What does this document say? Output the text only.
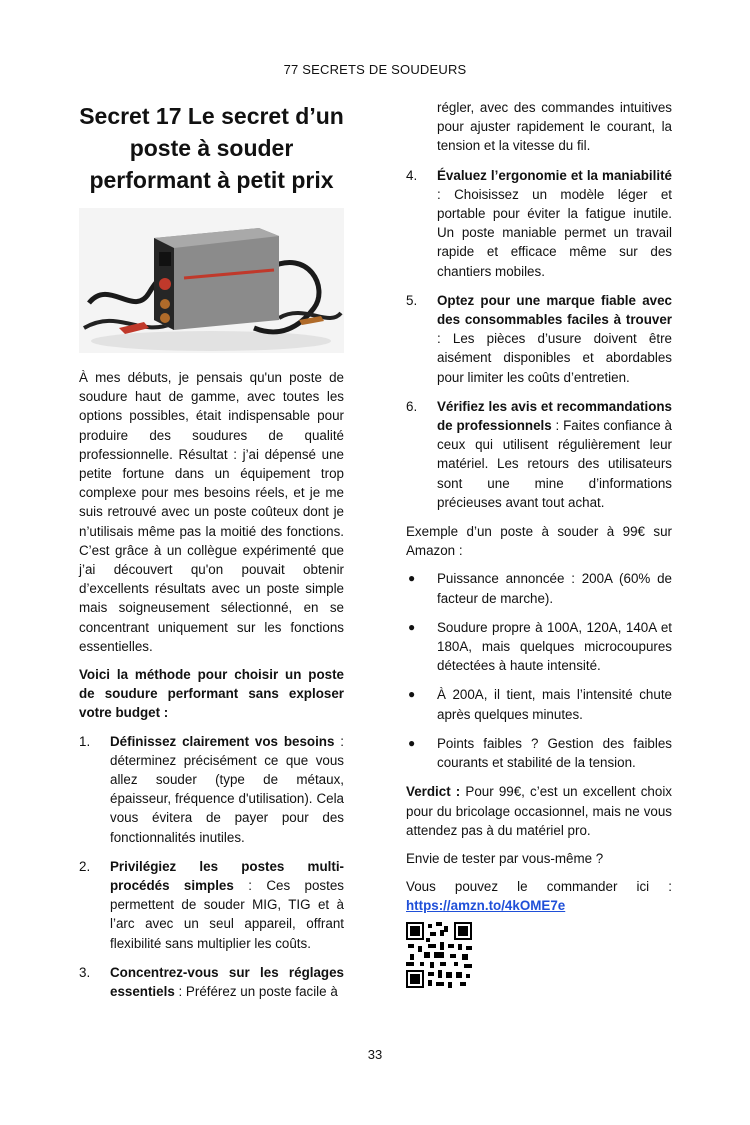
77 SECRETS DE SOUDEURS
Secret 17 Le secret d’un poste à souder performant à petit prix

À mes débuts, je pensais qu'un poste de soudure haut de gamme, avec toutes les options possibles, était indispensable pour produire des soudures de qualité professionnelle. Résultat : j’ai dépensé une petite fortune dans un équipement trop complexe pour mes besoins réels, et je me suis retrouvé avec un poste coûteux dont je n’utilisais même pas la moitié des fonctions. C’est grâce à un collègue expérimenté que j’ai découvert qu'on pouvait obtenir d’excellents résultats avec un poste simple mais soigneusement sélectionné, en se concentrant uniquement sur les fonctions essentielles.

Voici la méthode pour choisir un poste de soudure performant sans exploser votre budget :

1. Définissez clairement vos besoins : déterminez précisément ce que vous allez souder (type de métaux, épaisseur, fréquence d'utilisation). Cela vous évitera de payer pour des fonctionnalités inutiles.
2. Privilégiez les postes multi-procédés simples : Ces postes permettent de souder MIG, TIG et à l’arc avec un seul appareil, offrant flexibilité sans multiplier les coûts.
3. Concentrez-vous sur les réglages essentiels : Préférez un poste facile à
régler, avec des commandes intuitives pour ajuster rapidement le courant, la tension et la vitesse du fil.
4. Évaluez l’ergonomie et la maniabilité : Choisissez un modèle léger et portable pour éviter la fatigue inutile. Un poste maniable permet un travail rapide et efficace même sur des chantiers mobiles.
5. Optez pour une marque fiable avec des consommables faciles à trouver : Les pièces d’usure doivent être aisément disponibles et abordables pour limiter les coûts d’entretien.
6. Vérifiez les avis et recommandations de professionnels : Faites confiance à ceux qui utilisent régulièrement leur matériel. Les retours des utilisateurs sont une mine d’informations précieuses avant tout achat.

Exemple d’un poste à souder à 99€ sur Amazon :

● Puissance annoncée : 200A (60% de facteur de marche).
● Soudure propre à 100A, 120A, 140A et 180A, mais quelques microcoupures détectées à haute intensité.
● À 200A, il tient, mais l’intensité chute après quelques minutes.
● Points faibles ? Gestion des faibles courants et stabilité de la tension.

Verdict : Pour 99€, c’est un excellent choix pour du bricolage occasionnel, mais ne vous attendez pas à du matériel pro.

Envie de tester par vous-même ?

Vous pouvez le commander ici : https://amzn.to/4kOME7e

33
